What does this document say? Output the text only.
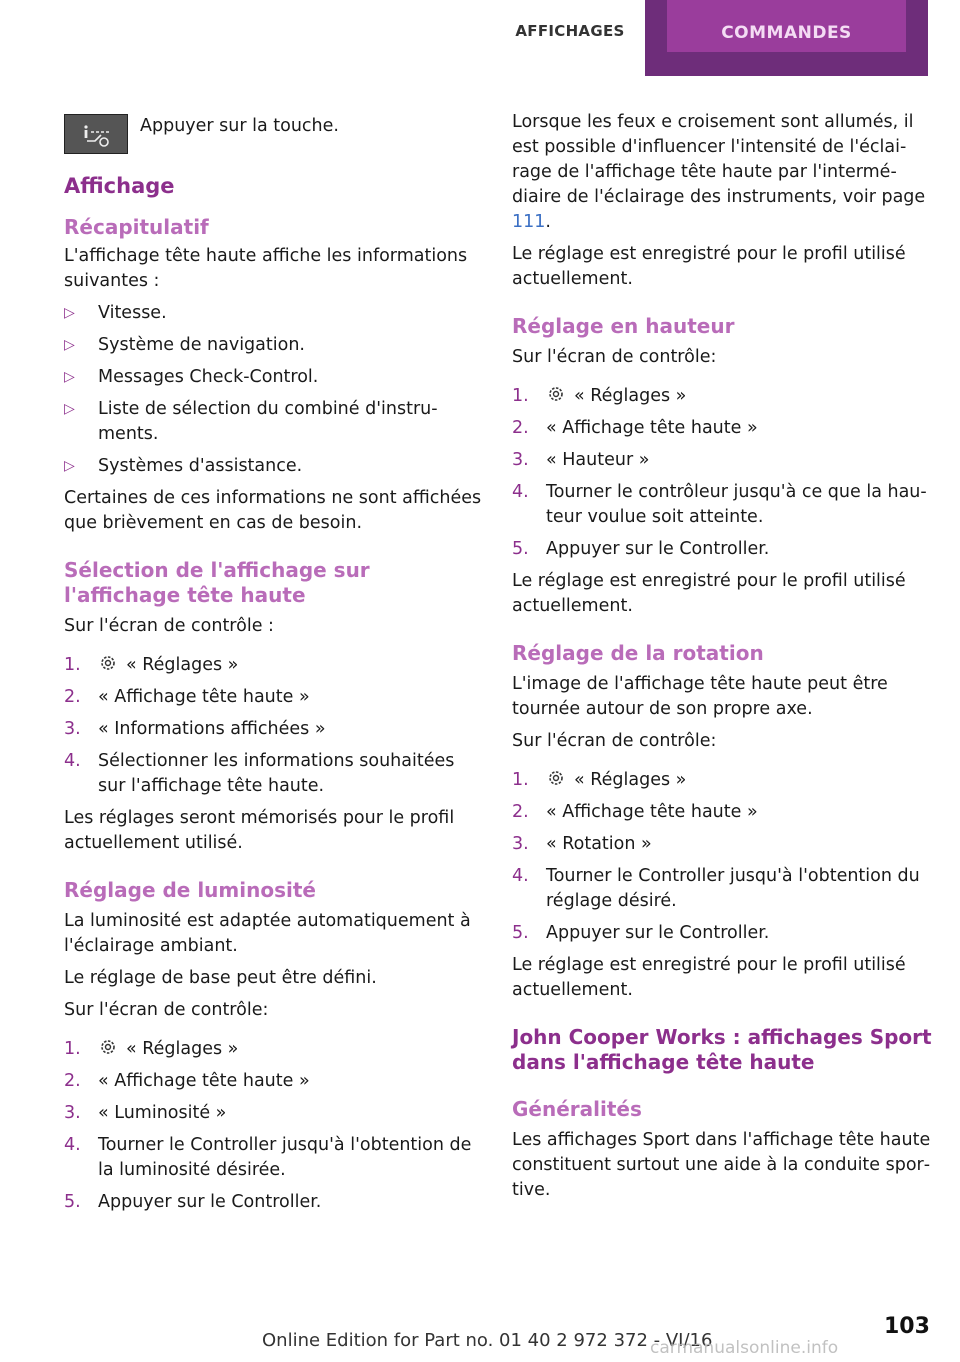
AFFICHAGES	COMMANDES

Appuyer sur la touche.

Affichage
Récapitulatif

L'affichage tête haute affiche les informations suivantes :

▷ Vitesse.
▷ Système de navigation.
▷ Messages Check-Control.
▷ Liste de sélection du combiné d'instru‐ ments.
▷ Systèmes d'assistance.

Certaines de ces informations ne sont affichées que brièvement en cas de besoin.

Sélection de l'affichage sur l'affichage tête haute

Sur l'écran de contrôle :

1.	« Réglages »
2. « Affichage tête haute »
3. « Informations affichées »
4. Sélectionner les informations souhaitées sur l'affichage tête haute.

Les réglages seront mémorisés pour le profil actuellement utilisé.

Réglage de luminosité

La luminosité est adaptée automatiquement à l'éclairage ambiant.

Le réglage de base peut être défini.

Sur l'écran de contrôle:

1.	« Réglages »
2. « Affichage tête haute »
3. « Luminosité »
4. Tourner le Controller jusqu'à l'obtention de la luminosité désirée.
5. Appuyer sur le Controller.

Lorsque les feux e croisement sont allumés, il est possible d'influencer l'intensité de l'éclai‐ rage de l'affichage tête haute par l'intermé‐ diaire de l'éclairage des instruments, voir page 111.

Le réglage est enregistré pour le profil utilisé actuellement.

Réglage en hauteur

Sur l'écran de contrôle:

1.	« Réglages »
2. « Affichage tête haute »
3. « Hauteur »
4. Tourner le contrôleur jusqu'à ce que la hau‐ teur voulue soit atteinte.
5. Appuyer sur le Controller.

Le réglage est enregistré pour le profil utilisé actuellement.

Réglage de la rotation

L'image de l'affichage tête haute peut être tournée autour de son propre axe.

Sur l'écran de contrôle:

1.	« Réglages »
2. « Affichage tête haute »
3. « Rotation »
4. Tourner le Controller jusqu'à l'obtention du réglage désiré.
5. Appuyer sur le Controller.

Le réglage est enregistré pour le profil utilisé actuellement.

John Cooper Works : affichages Sport dans l'affichage tête haute
Généralités

Les affichages Sport dans l'affichage tête haute constituent surtout une aide à la conduite spor‐ tive.

103
Online Edition for Part no. 01 40 2 972 372 - VI/16
carmanualsonline.info
